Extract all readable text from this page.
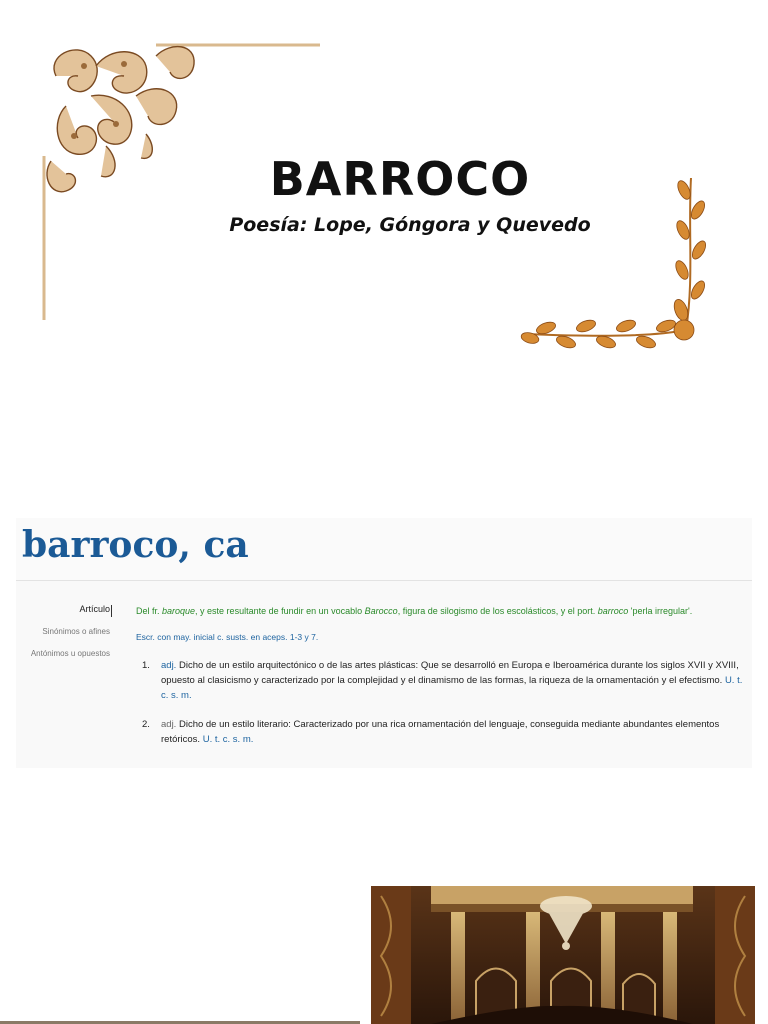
BARROCO

Poesía: Lope, Góngora y Quevedo

barroco, ca
Artículo
Sinónimos o afines
Antónimos u opuestos

Del fr. baroque, y este resultante de fundir en un vocablo Barocco, figura de silogismo de los escolásticos, y el port. barroco 'perla irregular'.

Escr. con may. inicial c. susts. en aceps. 1-3 y 7.

1. adj. Dicho de un estilo arquitectónico o de las artes plásticas: Que se desarrolló en Europa e Iberoamérica durante los siglos XVII y XVIII, opuesto al clasicismo y caracterizado por la complejidad y el dinamismo de las formas, la riqueza de la ornamentación y el efectismo. U. t. c. s. m.
2. adj. Dicho de un estilo literario: Caracterizado por una rica ornamentación del lenguaje, conseguida mediante abundantes elementos retóricos. U. t. c. s. m.
